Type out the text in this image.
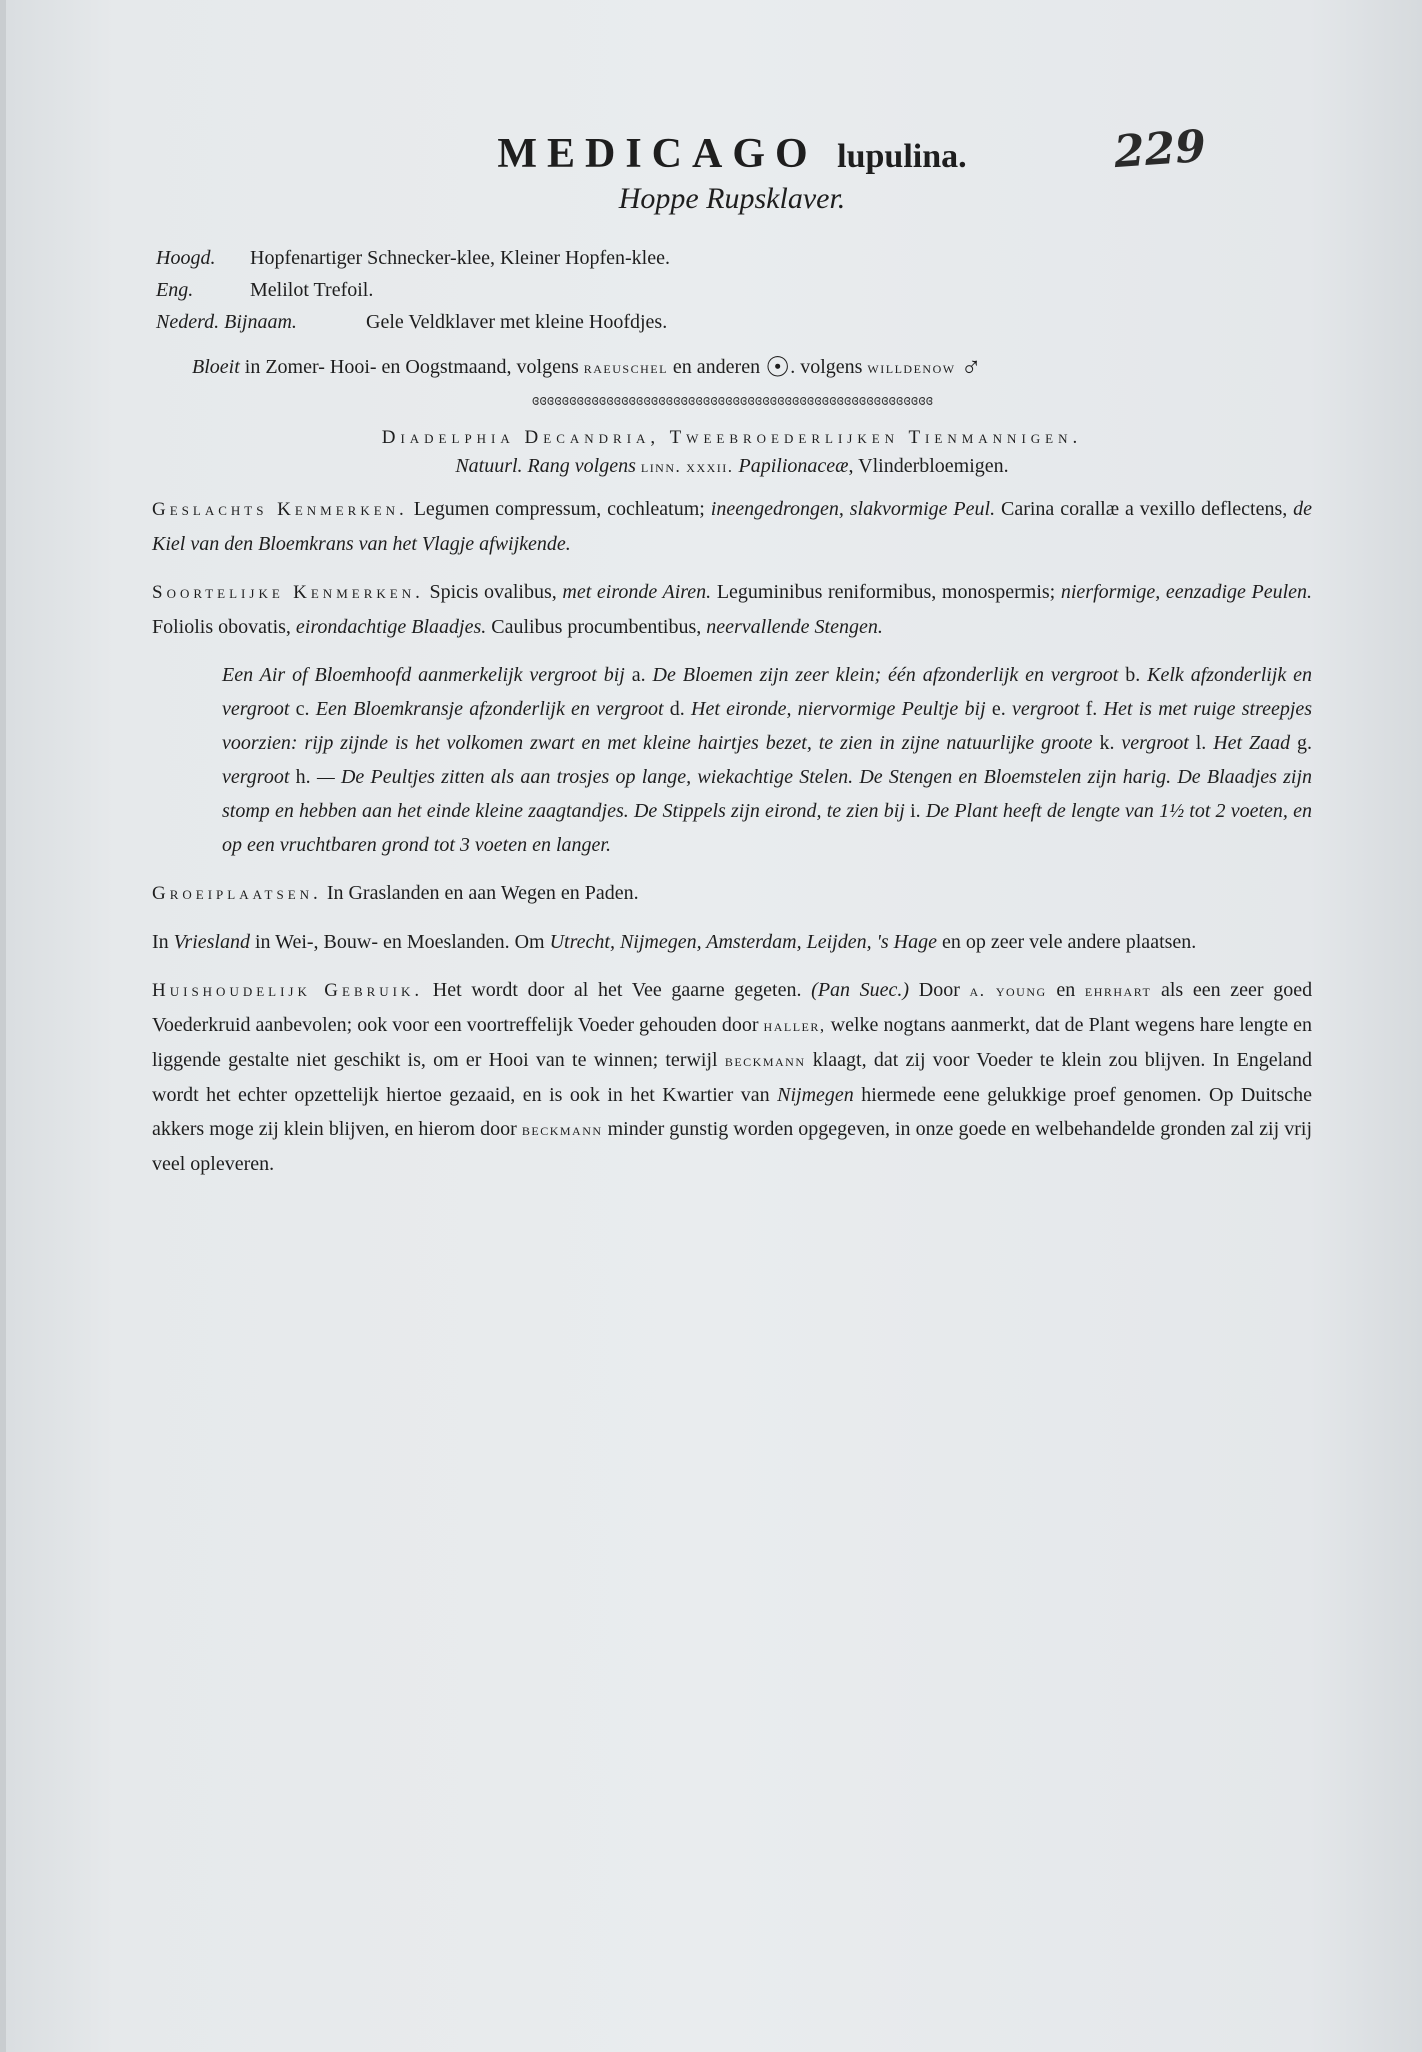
MEDICAGO lupulina.	229
Hoppe Rupsklaver.
Hoogd.	Hopfenartiger Schnecker-klee, Kleiner Hopfen-klee.
Eng.	Melilot Trefoil.
Nederd. Bijnaam.	Gele Veldklaver met kleine Hoofdjes.
Bloeit in Zomer- Hooi- en Oogstmaand, volgens raeuschel en anderen ☉. volgens willdenow ♂
ɞɞɞɞɞɞɞɞɞɞɞɞɞɞɞɞɞɞɞɞɞɞɞɞɞɞɞɞɞɞɞɞɞɞɞɞɞɞɞɞɞɞɞɞɞɞɞɞɞɞɞɞɞɞ
Diadelphia Decandria, Tweebroederlijken Tienmannigen.
Natuurl. Rang volgens linn. xxxii. Papilionaceæ, Vlinderbloemigen.

Geslachts Kenmerken. Legumen compressum, cochleatum; ineengedrongen, slakvormige Peul. Carina corallæ a vexillo deflectens, de Kiel van den Bloemkrans van het Vlagje afwijkende.

Soortelijke Kenmerken. Spicis ovalibus, met eironde Airen. Leguminibus reniformibus, monospermis; nierformige, eenzadige Peulen. Foliolis obovatis, eirondachtige Blaadjes. Caulibus procumbentibus, neervallende Stengen.

Een Air of Bloemhoofd aanmerkelijk vergroot bij a. De Bloemen zijn zeer klein; één afzonderlijk en vergroot b. Kelk afzonderlijk en vergroot c. Een Bloemkransje afzonderlijk en vergroot d. Het eironde, niervormige Peultje bij e. vergroot f. Het is met ruige streepjes voorzien: rijp zijnde is het volkomen zwart en met kleine hairtjes bezet, te zien in zijne natuurlijke groote k. vergroot l. Het Zaad g. vergroot h. — De Peultjes zitten als aan trosjes op lange, wiekachtige Stelen. De Stengen en Bloemstelen zijn harig. De Blaadjes zijn stomp en hebben aan het einde kleine zaagtandjes. De Stippels zijn eirond, te zien bij i. De Plant heeft de lengte van 1½ tot 2 voeten, en op een vruchtbaren grond tot 3 voeten en langer.

Groeiplaatsen. In Graslanden en aan Wegen en Paden.

In Vriesland in Wei-, Bouw- en Moeslanden. Om Utrecht, Nijmegen, Amsterdam, Leijden, 's Hage en op zeer vele andere plaatsen.

Huishoudelijk Gebruik. Het wordt door al het Vee gaarne gegeten. (Pan Suec.) Door a. young en ehrhart als een zeer goed Voederkruid aanbevolen; ook voor een voortreffelijk Voeder gehouden door haller, welke nogtans aanmerkt, dat de Plant wegens hare lengte en liggende gestalte niet geschikt is, om er Hooi van te winnen; terwijl beckmann klaagt, dat zij voor Voeder te klein zou blijven. In Engeland wordt het echter opzettelijk hiertoe gezaaid, en is ook in het Kwartier van Nijmegen hiermede eene gelukkige proef genomen. Op Duitsche akkers moge zij klein blijven, en hierom door beckmann minder gunstig worden opgegeven, in onze goede en welbehandelde gronden zal zij vrij veel opleveren.
